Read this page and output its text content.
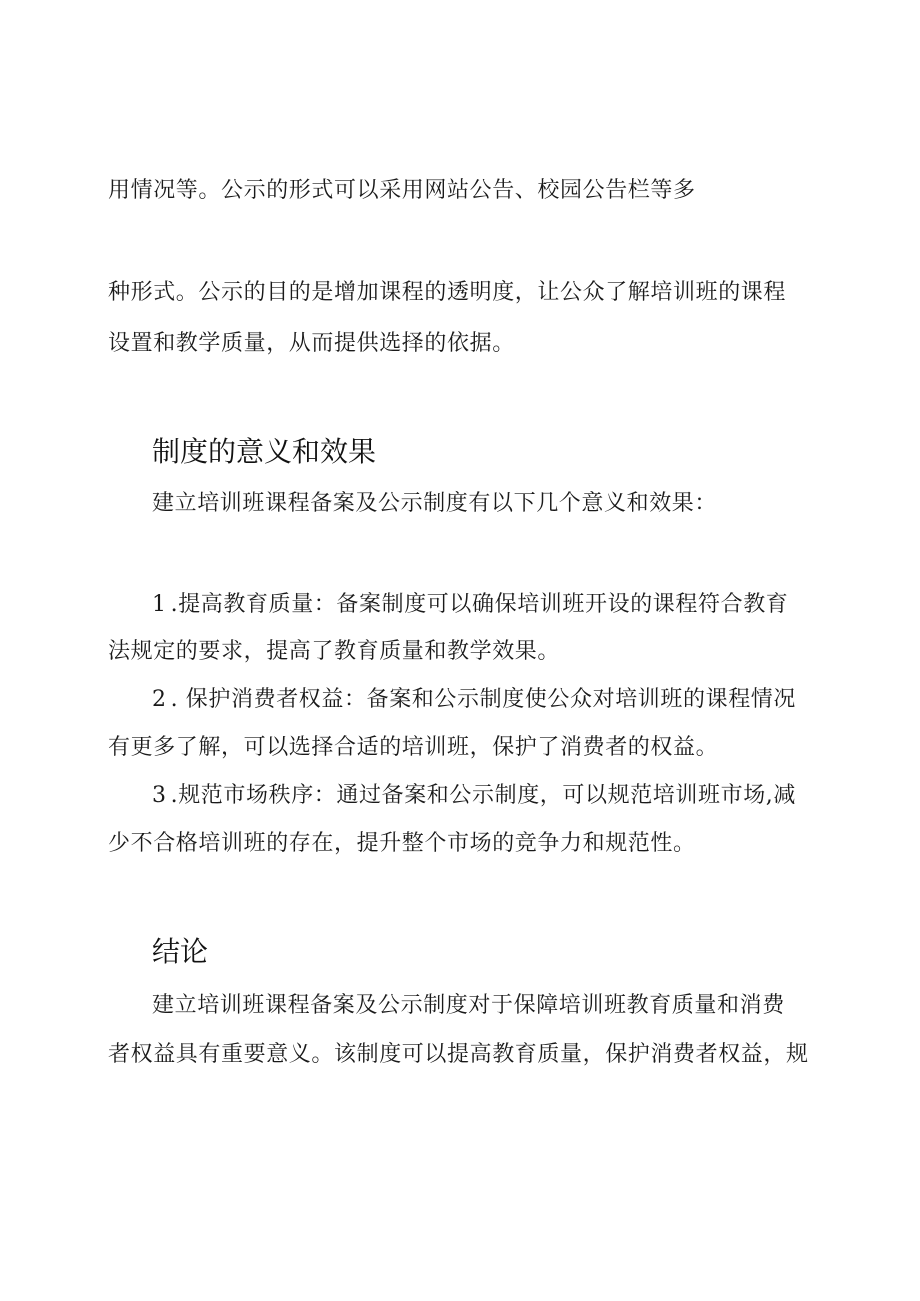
用情况等。公示的形式可以采用网站公告、校园公告栏等多
种形式。公示的目的是增加课程的透明度，让公众了解培训班的课程
设置和教学质量，从而提供选择的依据。
制度的意义和效果
建立培训班课程备案及公示制度有以下几个意义和效果：
1 .提高教育质量：备案制度可以确保培训班开设的课程符合教育
法规定的要求，提高了教育质量和教学效果。
2 . 保护消费者权益：备案和公示制度使公众对培训班的课程情况
有更多了解，可以选择合适的培训班，保护了消费者的权益。
3 .规范市场秩序：通过备案和公示制度，可以规范培训班市场,减
少不合格培训班的存在，提升整个市场的竞争力和规范性。
结论
建立培训班课程备案及公示制度对于保障培训班教育质量和消费
者权益具有重要意义。该制度可以提高教育质量，保护消费者权益，规
